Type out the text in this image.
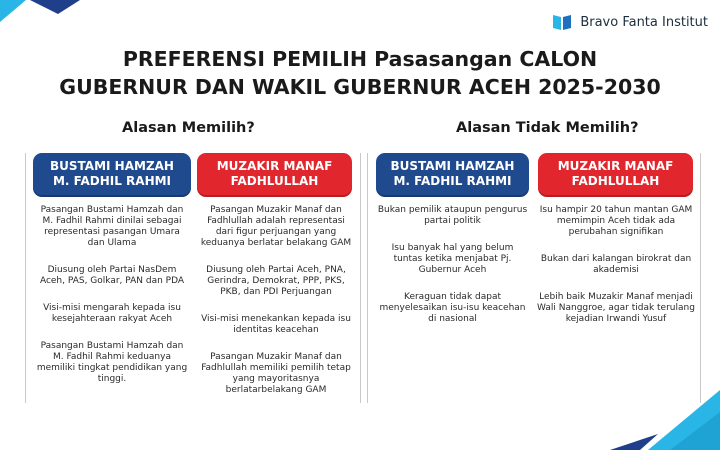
Bravo Fanta Institut
PREFERENSI PEMILIH Pasasangan CALON
GUBERNUR DAN WAKIL GUBERNUR ACEH 2025-2030
Alasan Memilih?	Alasan Tidak Memilih?
BUSTAMI HAMZAH
M. FADHIL RAHMI
MUZAKIR MANAF
FADHLULLAH
BUSTAMI HAMZAH
M. FADHIL RAHMI
MUZAKIR MANAF
FADHLULLAH
Pasangan Bustami Hamzah dan M. Fadhil Rahmi dinilai sebagai representasi pasangan Umara dan Ulama
Diusung oleh Partai NasDem Aceh, PAS, Golkar, PAN dan PDA
Visi-misi mengarah kepada isu kesejahteraan rakyat Aceh
Pasangan Bustami Hamzah dan M. Fadhil Rahmi keduanya memiliki tingkat pendidikan yang tinggi.
Pasangan Muzakir Manaf dan Fadhlullah adalah representasi dari figur perjuangan yang keduanya berlatar belakang GAM
Diusung oleh Partai Aceh, PNA, Gerindra, Demokrat, PPP, PKS, PKB, dan PDI Perjuangan
Visi-misi menekankan kepada isu identitas keacehan
Pasangan Muzakir Manaf dan Fadhlullah memiliki pemilih tetap yang mayoritasnya berlatarbelakang GAM
Bukan pemilik ataupun pengurus partai politik
Isu banyak hal yang belum tuntas ketika menjabat Pj. Gubernur Aceh
Keraguan tidak dapat menyelesaikan isu-isu keacehan di nasional
Isu hampir 20 tahun mantan GAM memimpin Aceh tidak ada perubahan signifikan
Bukan dari kalangan birokrat dan akademisi
Lebih baik Muzakir Manaf menjadi Wali Nanggroe, agar tidak terulang kejadian Irwandi Yusuf
